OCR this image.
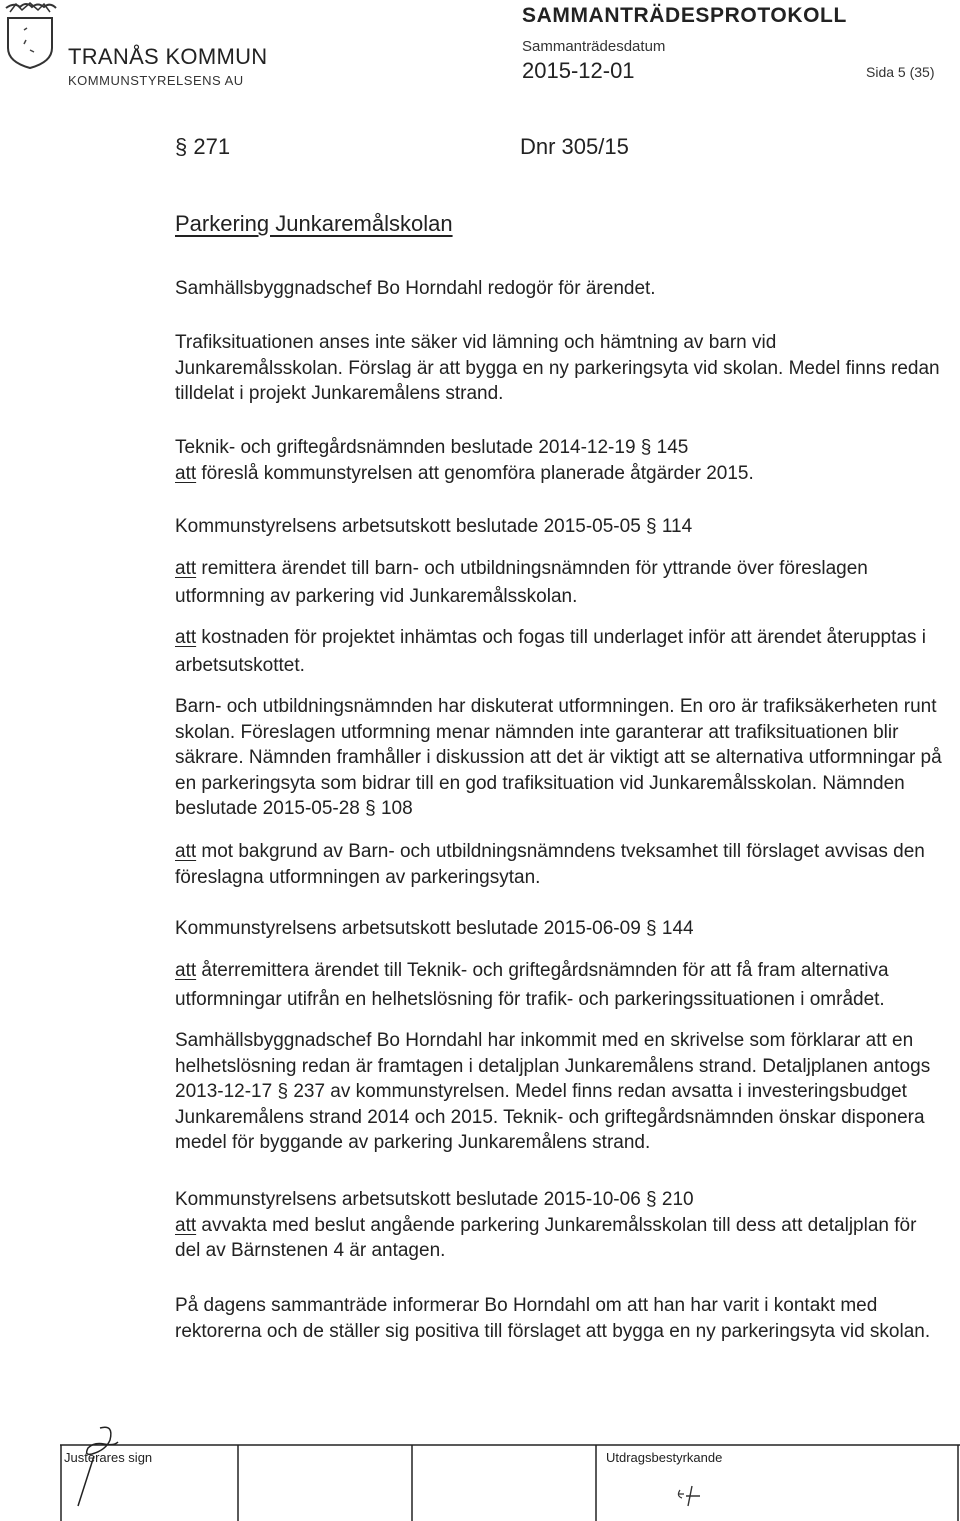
TRANÅS KOMMUN
KOMMUNSTYRELSENS AU
SAMMANTRÄDESPROTOKOLL
Sammanträdesdatum
2015-12-01	Sida 5 (35)
§ 271	Dnr 305/15
Parkering Junkaremålskolan

Samhällsbyggnadschef Bo Horndahl redogör för ärendet.

Trafiksituationen anses inte säker vid lämning och hämtning av barn vid Junkaremålsskolan. Förslag är att bygga en ny parkeringsyta vid skolan. Medel finns redan tilldelat i projekt Junkaremålens strand.

Teknik- och griftegårdsnämnden beslutade 2014-12-19 § 145

att föreslå kommunstyrelsen att genomföra planerade åtgärder 2015.

Kommunstyrelsens arbetsutskott beslutade 2015-05-05 § 114

att remittera ärendet till barn- och utbildningsnämnden för yttrande över föreslagen utformning av parkering vid Junkaremålsskolan.

att kostnaden för projektet inhämtas och fogas till underlaget inför att ärendet återupptas i arbetsutskottet.

Barn- och utbildningsnämnden har diskuterat utformningen. En oro är trafiksäkerheten runt skolan. Föreslagen utformning menar nämnden inte garanterar att trafiksituationen blir säkrare. Nämnden framhåller i diskussion att det är viktigt att se alternativa utformningar på en parkeringsyta som bidrar till en god trafiksituation vid Junkaremålsskolan. Nämnden beslutade 2015-05-28 § 108

att mot bakgrund av Barn- och utbildningsnämndens tveksamhet till förslaget avvisas den föreslagna utformningen av parkeringsytan.

Kommunstyrelsens arbetsutskott beslutade 2015-06-09 § 144

att återremittera ärendet till Teknik- och griftegårdsnämnden för att få fram alternativa utformningar utifrån en helhetslösning för trafik- och parkeringssituationen i området.

Samhällsbyggnadschef Bo Horndahl har inkommit med en skrivelse som förklarar att en helhetslösning redan är framtagen i detaljplan Junkaremålens strand. Detaljplanen antogs 2013-12-17 § 237 av kommunstyrelsen. Medel finns redan avsatta i investeringsbudget Junkaremålens strand 2014 och 2015. Teknik- och griftegårdsnämnden önskar disponera medel för byggande av parkering Junkaremålens strand.

Kommunstyrelsens arbetsutskott beslutade 2015-10-06 § 210

att avvakta med beslut angående parkering Junkaremålsskolan till dess att detaljplan för del av Bärnstenen 4 är antagen.

På dagens sammanträde informerar Bo Horndahl om att han har varit i kontakt med rektorerna och de ställer sig positiva till förslaget att bygga en ny parkeringsyta vid skolan.

Justerares sign	Utdragsbestyrkande
